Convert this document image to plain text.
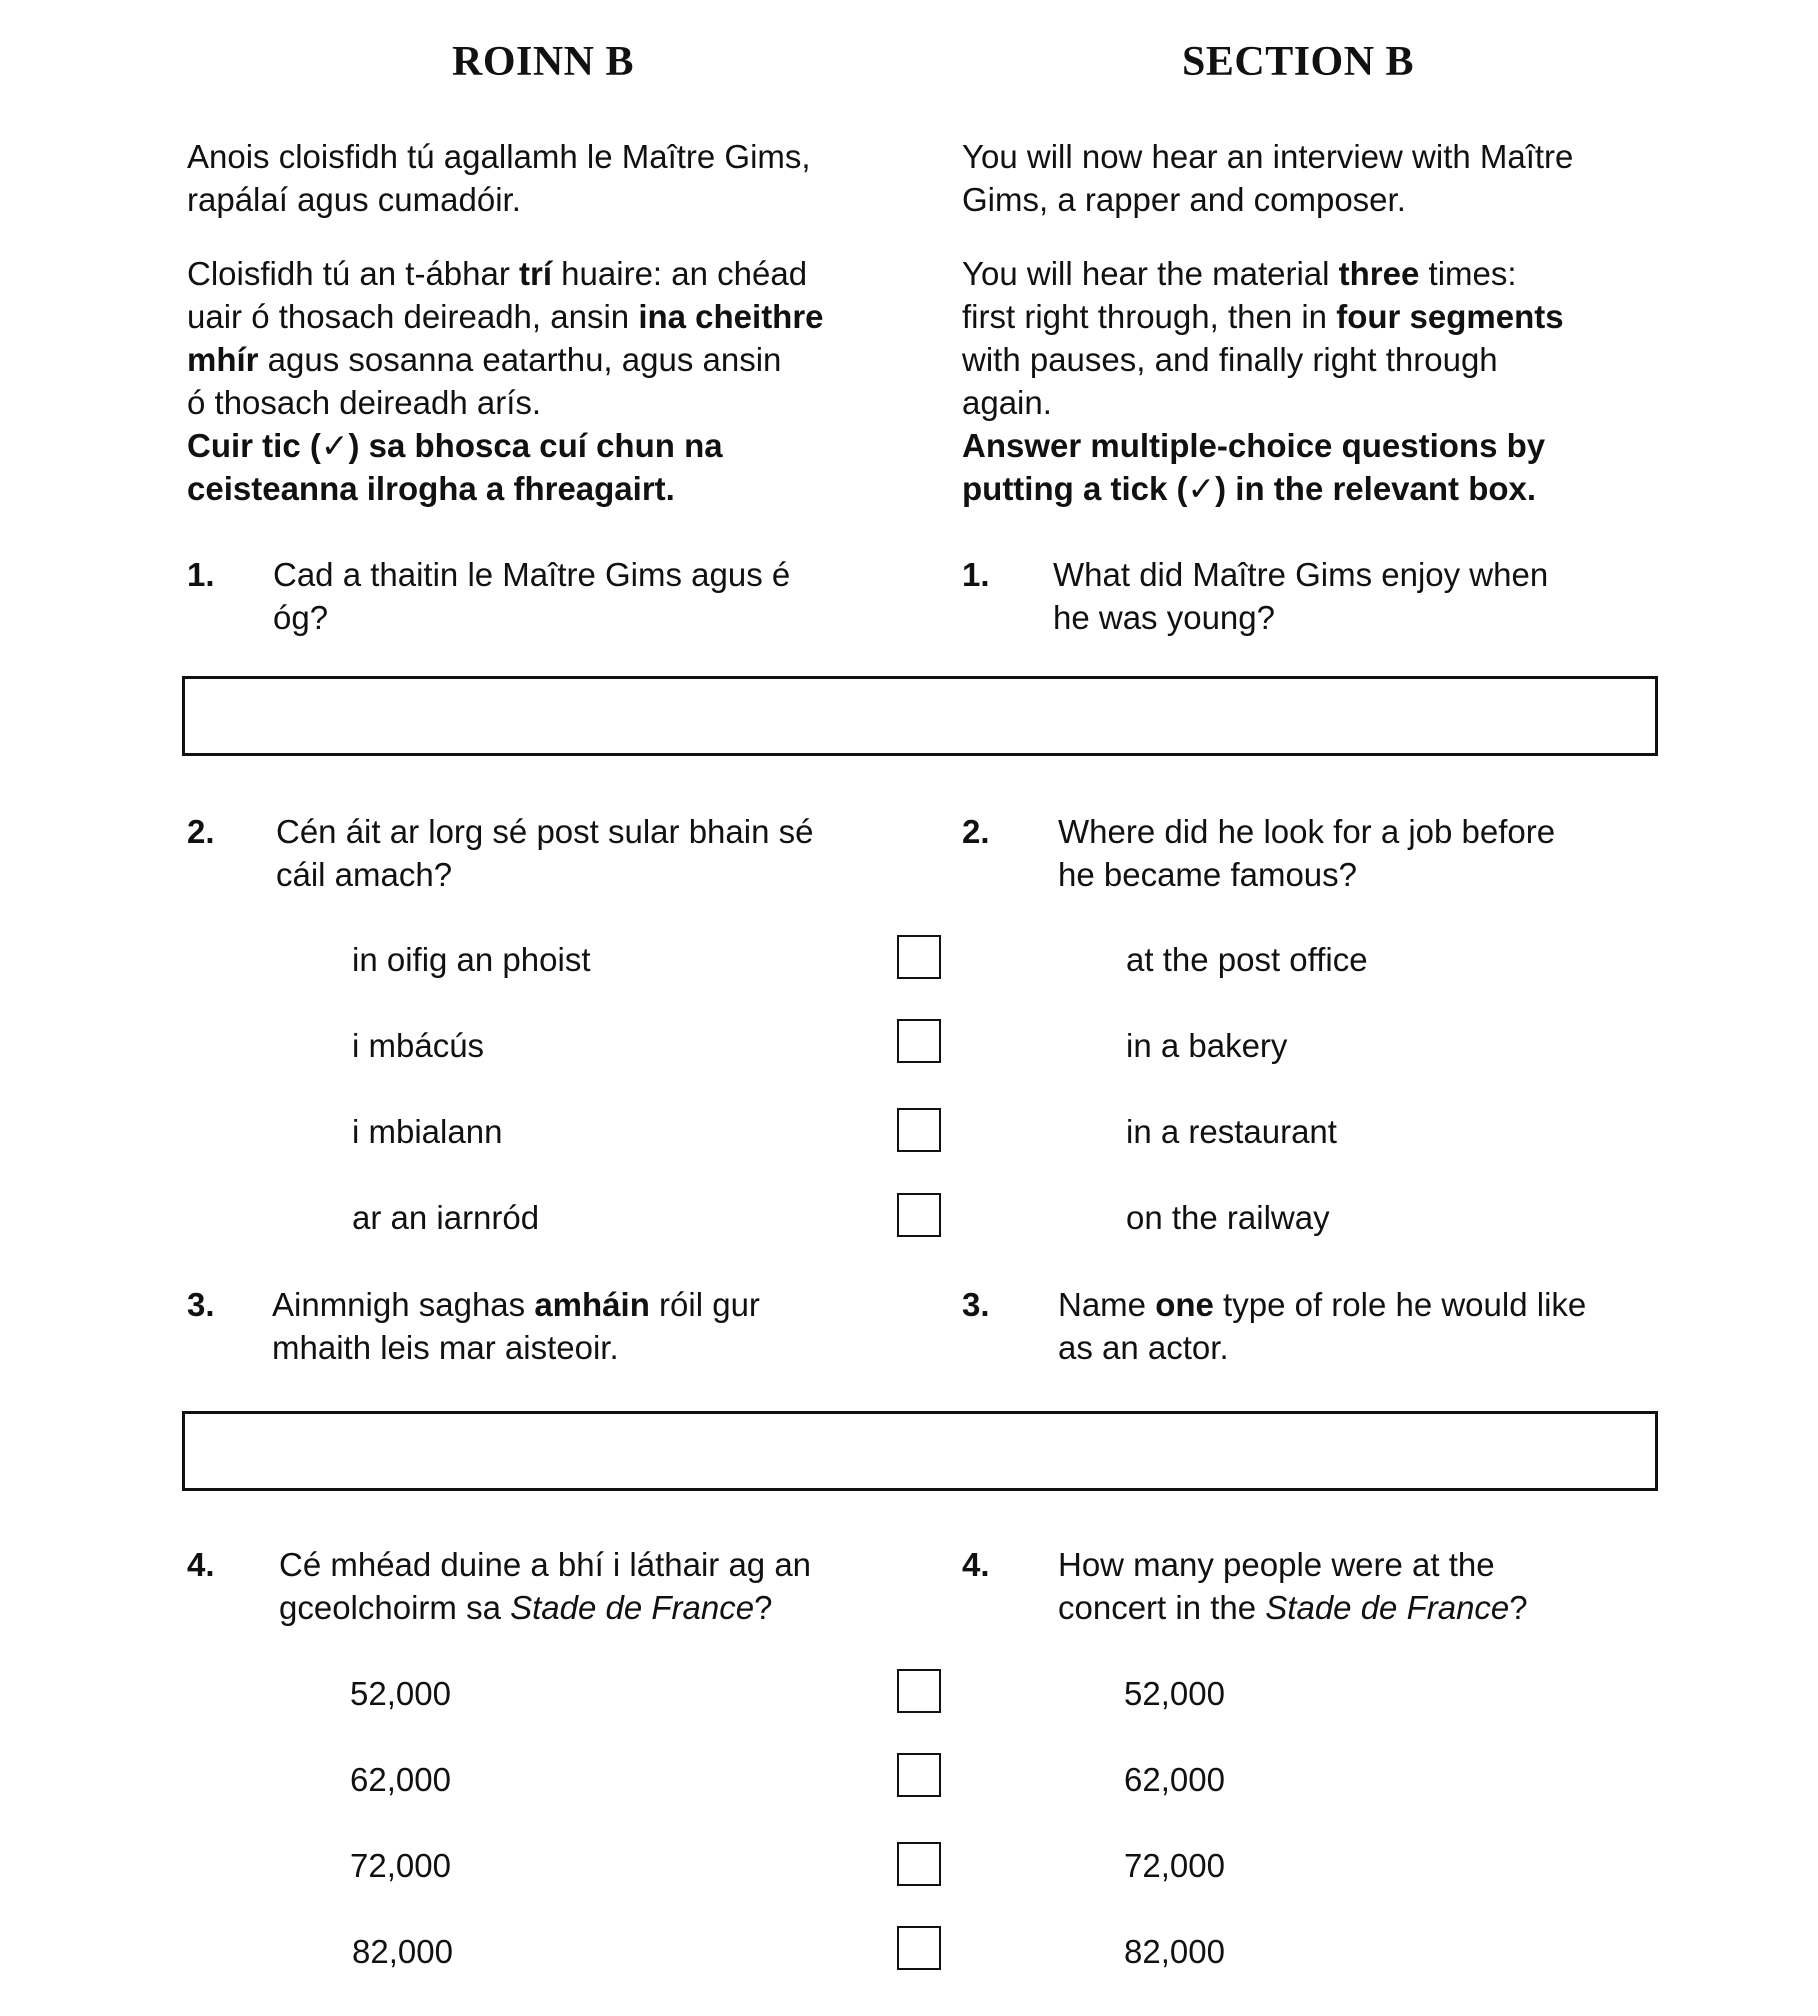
ROINN B	SECTION B
Anois cloisfidh tú agallamh le Maître Gims,
rapálaí agus cumadóir.
You will now hear an interview with Maître
Gims, a rapper and composer.
Cloisfidh tú an t-ábhar trí huaire: an chéad
uair ó thosach deireadh, ansin ina cheithre
mhír agus sosanna eatarthu, agus ansin
ó thosach deireadh arís.
Cuir tic (✓) sa bhosca cuí chun na
ceisteanna ilrogha a fhreagairt.
You will hear the material three times:
first right through, then in four segments
with pauses, and finally right through
again.
Answer multiple-choice questions by
putting a tick (✓) in the relevant box.
1. Cad a thaitin le Maître Gims agus é
óg?
1. What did Maître Gims enjoy when
he was young?
2. Cén áit ar lorg sé post sular bhain sé
cáil amach?
2. Where did he look for a job before
he became famous?
in oifig an phoist	at the post office
i mbácús	in a bakery
i mbialann	in a restaurant
ar an iarnród	on the railway
3. Ainmnigh saghas amháin róil gur
mhaith leis mar aisteoir.
3. Name one type of role he would like
as an actor.
4. Cé mhéad duine a bhí i láthair ag an
gceolchoirm sa Stade de France?
4. How many people were at the
concert in the Stade de France?
52,000	52,000
62,000	62,000
72,000	72,000
82,000	82,000
